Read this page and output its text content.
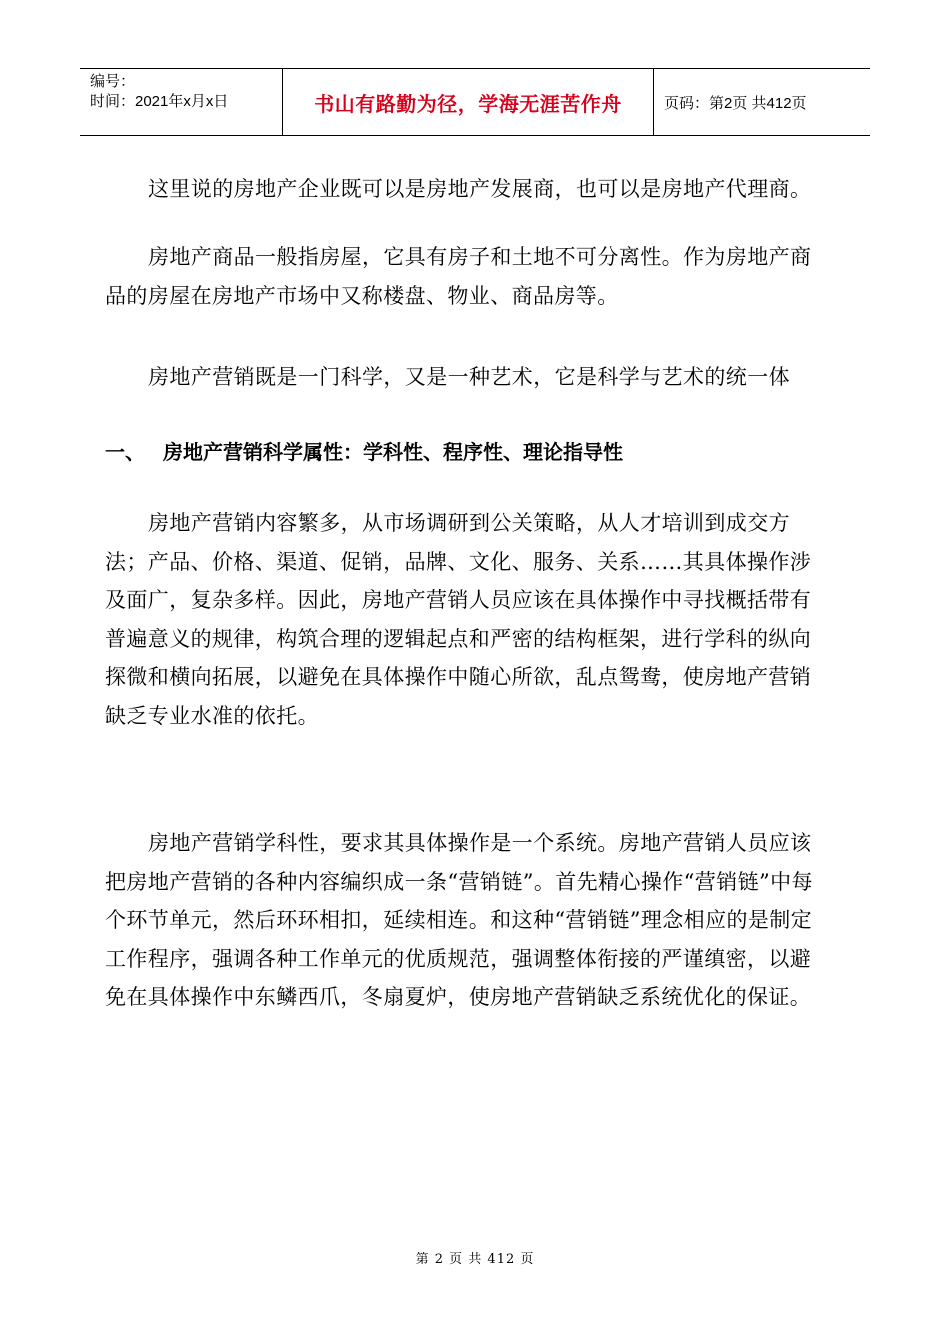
编号：
时间：2021年x月x日	书山有路勤为径，学海无涯苦作舟	页码：第2页 共412页

这里说的房地产企业既可以是房地产发展商，也可以是房地产代理商。

房地产商品一般指房屋，它具有房子和土地不可分离性。作为房地产商品的房屋在房地产市场中又称楼盘、物业、商品房等。

房地产营销既是一门科学，又是一种艺术，它是科学与艺术的统一体

一、 房地产营销科学属性：学科性、程序性、理论指导性

房地产营销内容繁多，从市场调研到公关策略，从人才培训到成交方法；产品、价格、渠道、促销，品牌、文化、服务、关系……其具体操作涉及面广，复杂多样。因此，房地产营销人员应该在具体操作中寻找概括带有普遍意义的规律，构筑合理的逻辑起点和严密的结构框架，进行学科的纵向探微和横向拓展，以避免在具体操作中随心所欲，乱点鸳鸯，使房地产营销缺乏专业水准的依托。

房地产营销学科性，要求其具体操作是一个系统。房地产营销人员应该把房地产营销的各种内容编织成一条“营销链”。首先精心操作“营销链”中每个环节单元，然后环环相扣，延续相连。和这种“营销链”理念相应的是制定工作程序，强调各种工作单元的优质规范，强调整体衔接的严谨缜密，以避免在具体操作中东鳞西爪，冬扇夏炉，使房地产营销缺乏系统优化的保证。

第 2 页 共 412 页
